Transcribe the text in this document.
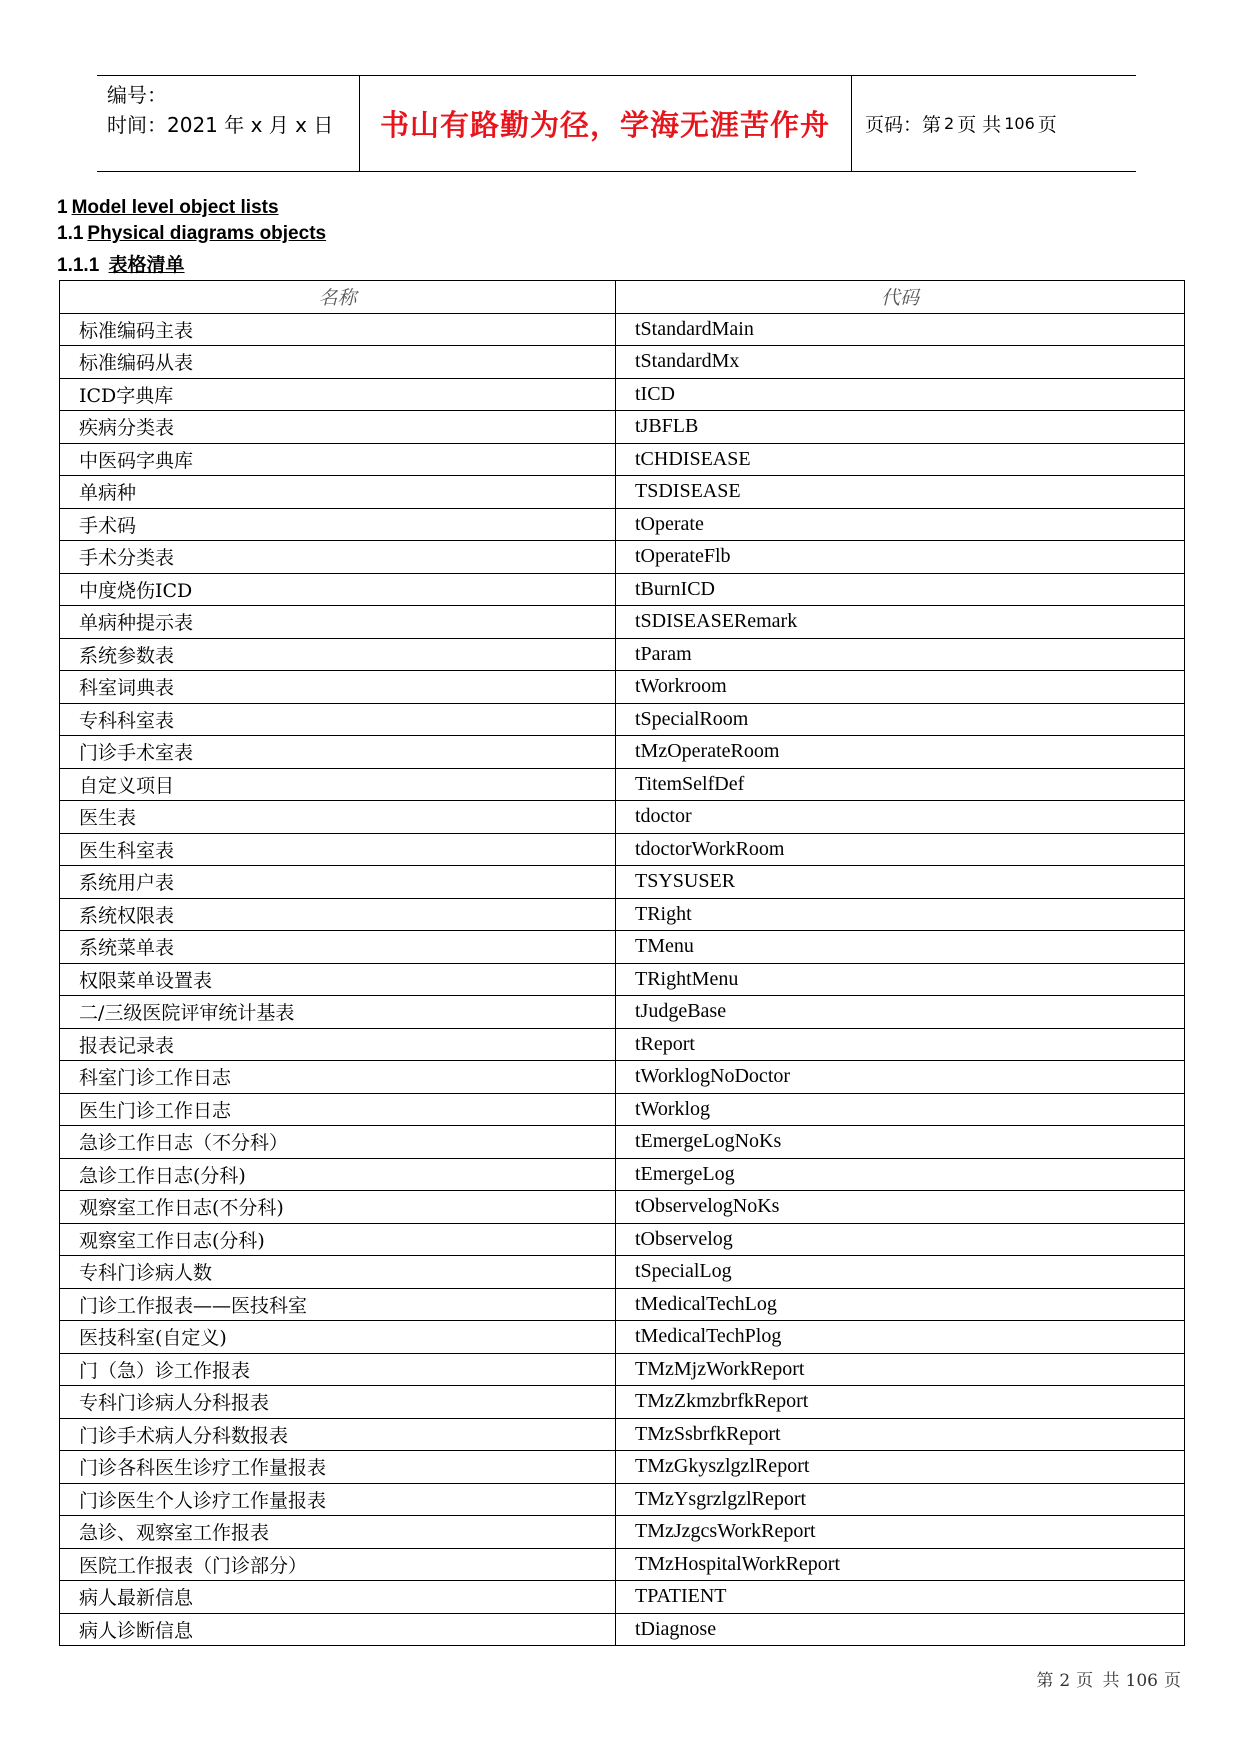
编号：
时间：2021 年 x 月 x 日	书山有路勤为径，学海无涯苦作舟	页码：第 2 页 共 106 页
1 Model level object lists
1.1 Physical diagrams objects
1.1.1 表格清单
名称	代码
标准编码主表	tStandardMain
标准编码从表	tStandardMx
ICD字典库	tICD
疾病分类表	tJBFLB
中医码字典库	tCHDISEASE
单病种	TSDISEASE
手术码	tOperate
手术分类表	tOperateFlb
中度烧伤ICD	tBurnICD
单病种提示表	tSDISEASERemark
系统参数表	tParam
科室词典表	tWorkroom
专科科室表	tSpecialRoom
门诊手术室表	tMzOperateRoom
自定义项目	TitemSelfDef
医生表	tdoctor
医生科室表	tdoctorWorkRoom
系统用户表	TSYSUSER
系统权限表	TRight
系统菜单表	TMenu
权限菜单设置表	TRightMenu
二/三级医院评审统计基表	tJudgeBase
报表记录表	tReport
科室门诊工作日志	tWorklogNoDoctor
医生门诊工作日志	tWorklog
急诊工作日志（不分科）	tEmergeLogNoKs
急诊工作日志(分科)	tEmergeLog
观察室工作日志(不分科)	tObservelogNoKs
观察室工作日志(分科)	tObservelog
专科门诊病人数	tSpecialLog
门诊工作报表——医技科室	tMedicalTechLog
医技科室(自定义)	tMedicalTechPlog
门（急）诊工作报表	TMzMjzWorkReport
专科门诊病人分科报表	TMzZkmzbrfkReport
门诊手术病人分科数报表	TMzSsbrfkReport
门诊各科医生诊疗工作量报表	TMzGkyszlgzlReport
门诊医生个人诊疗工作量报表	TMzYsgrzlgzlReport
急诊、观察室工作报表	TMzJzgcsWorkReport
医院工作报表（门诊部分）	TMzHospitalWorkReport
病人最新信息	TPATIENT
病人诊断信息	tDiagnose
第 2 页 共 106 页
